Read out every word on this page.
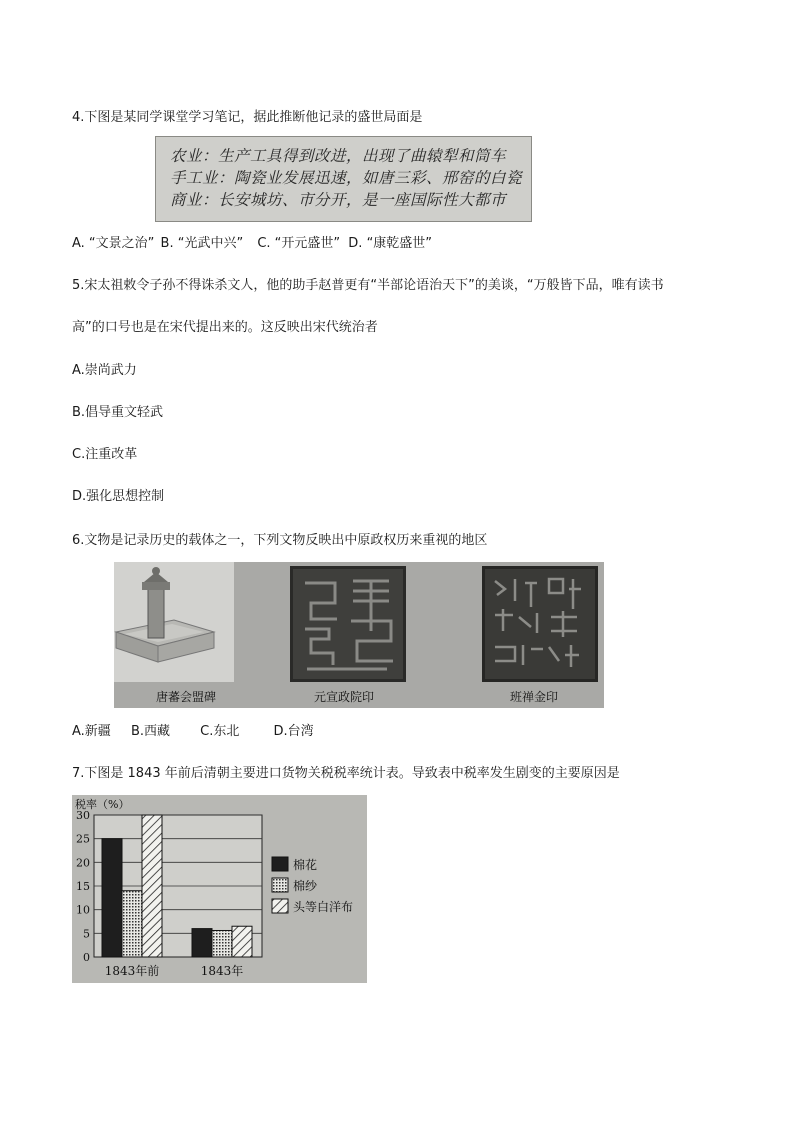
4.下图是某同学课堂学习笔记，据此推断他记录的盛世局面是
农业：生产工具得到改进，出现了曲辕犁和筒车
手工业：陶瓷业发展迅速，如唐三彩、邢窑的白瓷
商业：长安城坊、市分开，是一座国际性大都市
A. “文景之治” B. “光武中兴” C. “开元盛世” D. “康乾盛世”
5.宋太祖敕令子孙不得诛杀文人，他的助手赵普更有“半部论语治天下”的美谈，“万般皆下品，唯有读书
高”的口号也是在宋代提出来的。这反映出宋代统治者
A.崇尚武力
B.倡导重文轻武
C.注重改革
D.强化思想控制
6.文物是记录历史的载体之一，下列文物反映出中原政权历来重视的地区
唐蕃会盟碑	元宣政院印	班禅金印
A.新疆 B.西藏 C.东北	D.台湾
7.下图是 1843 年前后清朝主要进口货物关税税率统计表。导致表中税率发生剧变的主要原因是
税率（%）
0
5
10
15
20
25
30
1843年前	1843年
棉花
棉纱
头等白洋布
